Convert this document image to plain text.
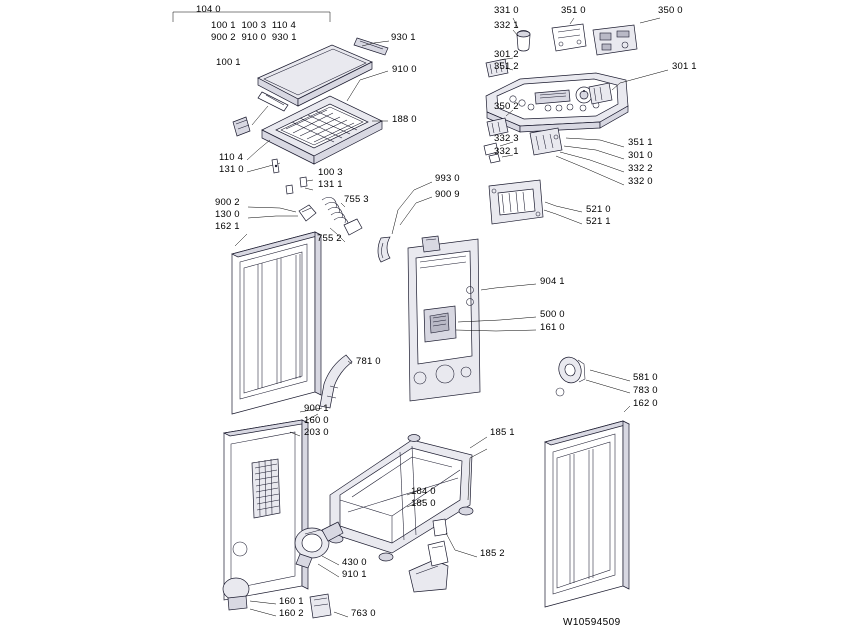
104 0
100 1  100 3  110 4
900 2  910 0  930 1	930 1
100 1
910 0
188 0
110 4
131 0	100 3
131 1
755 3
900 2
130 0
162 1
755 2
993 0
900 9
331 0
332 1
351 0	350 0
301 2
351 2	301 1
350 2
351 1
301 0
332 3
332 1
332 2
332 0
521 0
521 1
904 1
500 0
161 0
781 0
900 1
160 0
203 0
581 0
783 0
162 0
185 1
184 0
185 0
185 2
430 0
910 1
160 1
160 2	763 0
W10594509
